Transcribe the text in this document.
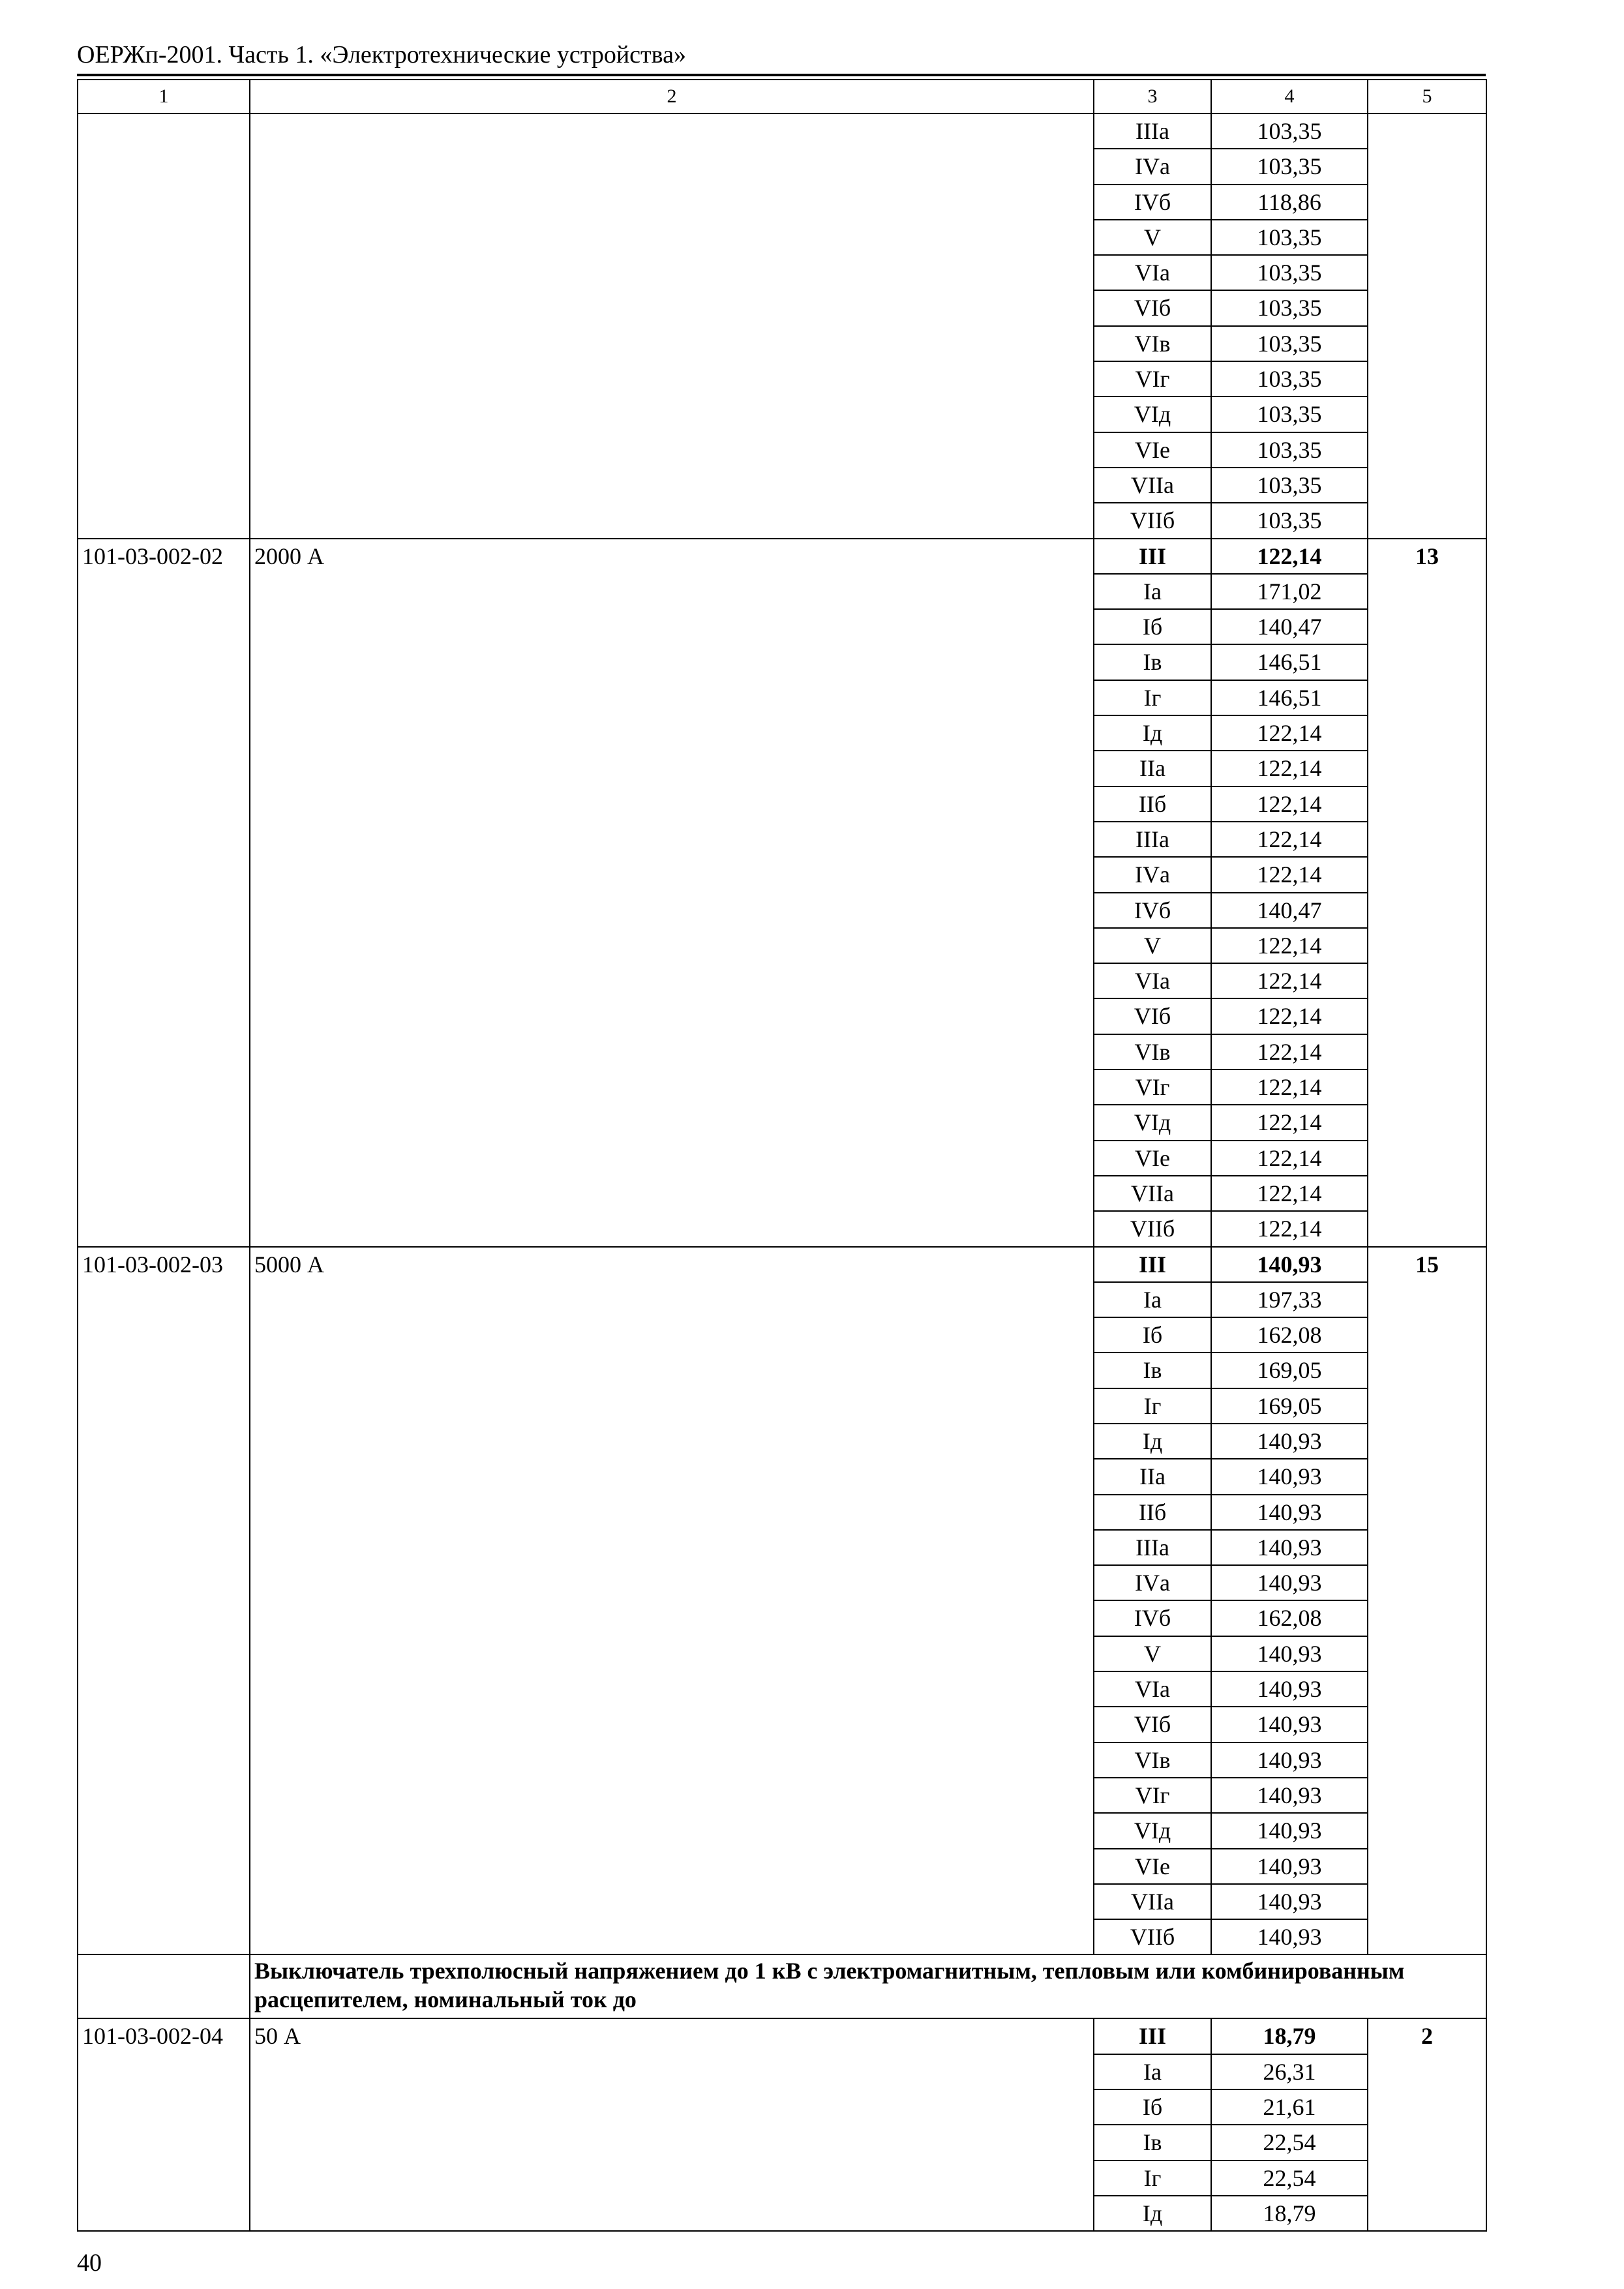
ОЕРЖп-2001. Часть 1. «Электротехнические устройства»
1	2	3	4	5
		IIIа	103,35	
		IVа	103,35	
		IVб	118,86	
		V	103,35	
		VIа	103,35	
		VIб	103,35	
		VIв	103,35	
		VIг	103,35	
		VIд	103,35	
		VIе	103,35	
		VIIа	103,35	
		VIIб	103,35	
101-03-002-02	2000 А	III	122,14	13
		Iа	171,02	
		Iб	140,47	
		Iв	146,51	
		Iг	146,51	
		Iд	122,14	
		IIа	122,14	
		IIб	122,14	
		IIIа	122,14	
		IVа	122,14	
		IVб	140,47	
		V	122,14	
		VIа	122,14	
		VIб	122,14	
		VIв	122,14	
		VIг	122,14	
		VIд	122,14	
		VIе	122,14	
		VIIа	122,14	
		VIIб	122,14	
101-03-002-03	5000 А	III	140,93	15
		Iа	197,33	
		Iб	162,08	
		Iв	169,05	
		Iг	169,05	
		Iд	140,93	
		IIа	140,93	
		IIб	140,93	
		IIIа	140,93	
		IVа	140,93	
		IVб	162,08	
		V	140,93	
		VIа	140,93	
		VIб	140,93	
		VIв	140,93	
		VIг	140,93	
		VIд	140,93	
		VIе	140,93	
		VIIа	140,93	
		VIIб	140,93	
	Выключатель трехполюсный напряжением до 1 кВ с электромагнитным, тепловым или комбинированным расцепителем, номинальный ток до			
101-03-002-04	50 А	III	18,79	2
		Iа	26,31	
		Iб	21,61	
		Iв	22,54	
		Iг	22,54	
		Iд	18,79	
40
